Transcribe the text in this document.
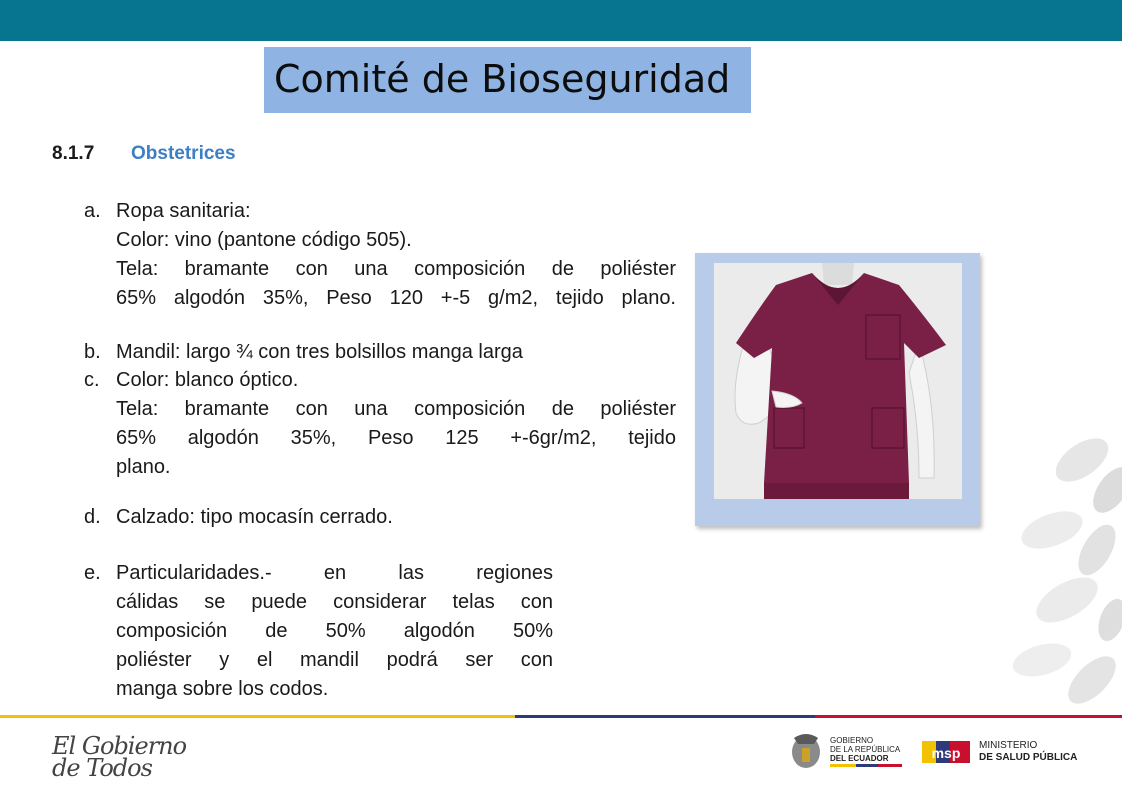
Comité de Bioseguridad
8.1.7 Obstetrices
a. Ropa sanitaria:
Color: vino (pantone código 505).
Tela: bramante con una composición de poliéster
65% algodón 35%, Peso 120 +-5 g/m2, tejido plano.
b. Mandil: largo ¾ con tres bolsillos manga larga
c. Color: blanco óptico.
Tela: bramante con una composición de poliéster
65% algodón 35%, Peso 125 +-6gr/m2, tejido
plano.
d. Calzado: tipo mocasín cerrado.
e. Particularidades.- en las regiones
cálidas se puede considerar telas con
composición de 50% algodón 50%
poliéster y el mandil podrá ser con
manga sobre los codos.
El Gobierno
de Todos
GOBIERNO
DE LA REPÚBLICA
DEL ECUADOR	msp MINISTERIO
DE SALUD PÚBLICA
